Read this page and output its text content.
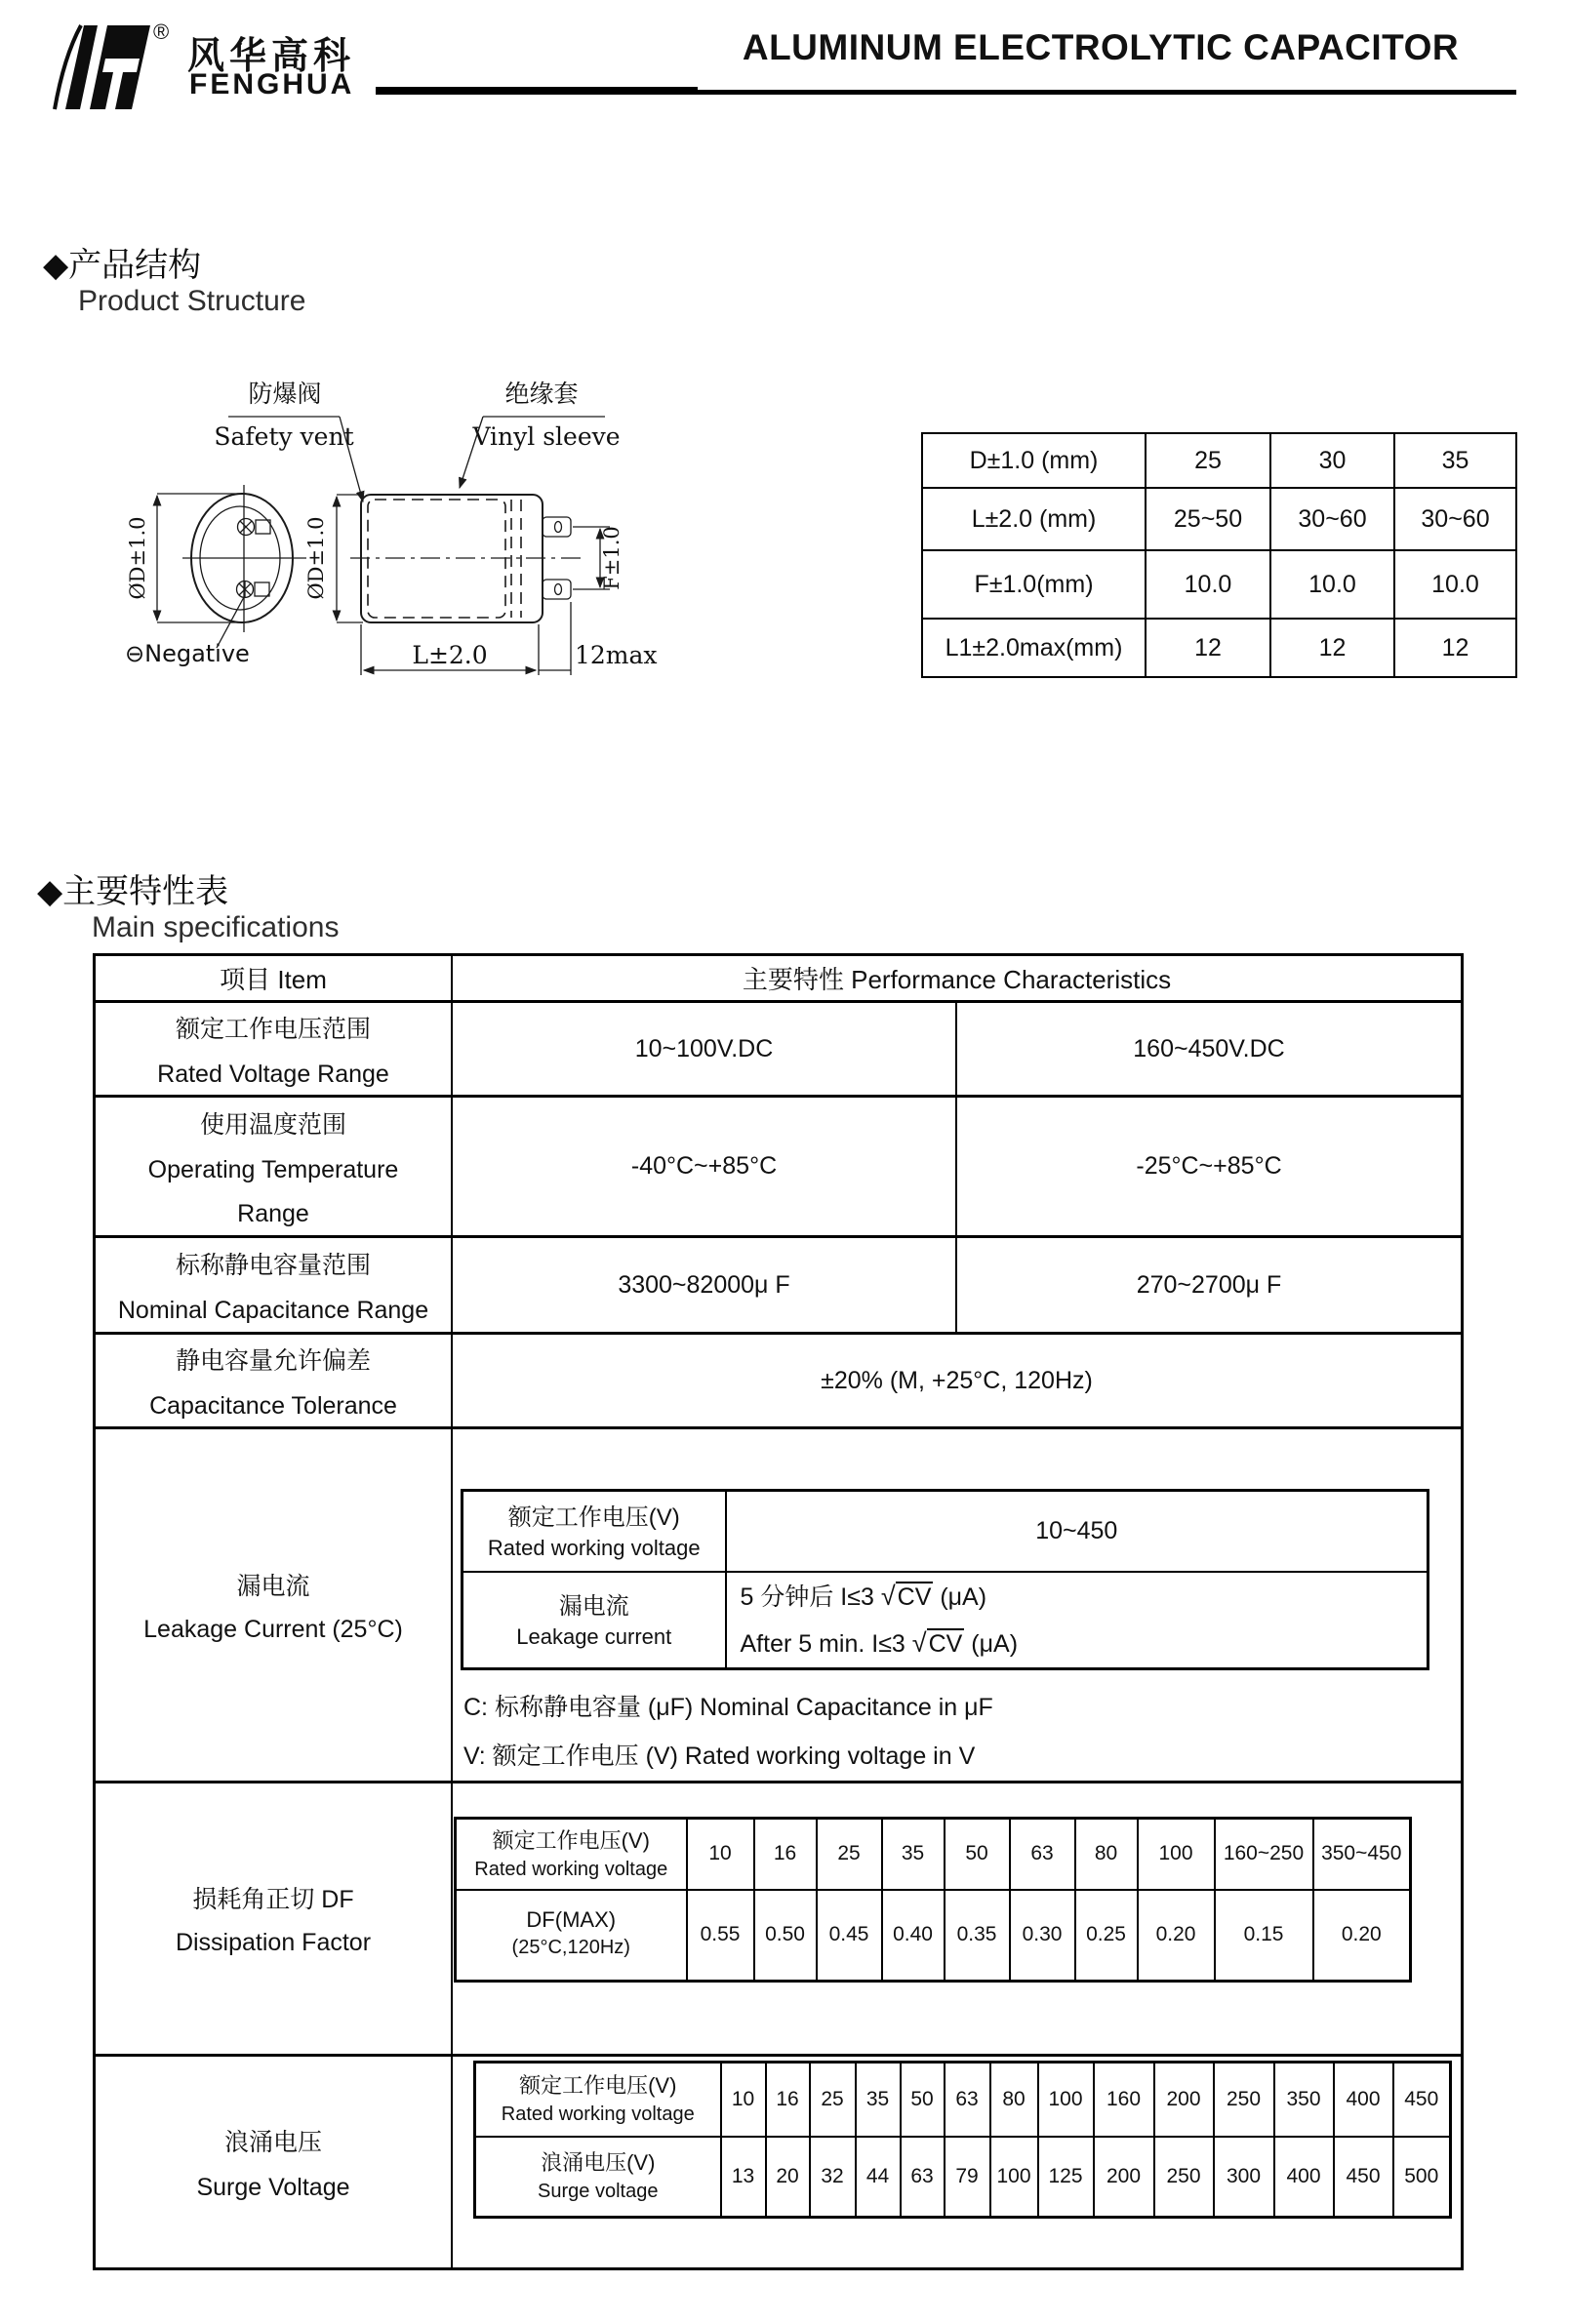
®
风华高科
FENGHUA
ALUMINUM ELECTROLYTIC CAPACITOR
◆产品结构
Product Structure
防爆阀
Safety vent
绝缘套
Vinyl sleeve
ØD±1.0
⊖Negative
ØD±1.0	F±1.0
L±2.0	12max
D±1.0 (mm)	25	30	35
L±2.0 (mm)	25~50	30~60	30~60
F±1.0(mm)	10.0	10.0	10.0
L1±2.0max(mm)	12	12	12
◆主要特性表
Main specifications
项目 Item	主要特性 Performance Characteristics
额定工作电压范围
Rated Voltage Range
10~100V.DC	160~450V.DC
使用温度范围
Operating Temperature
Range
-40°C~+85°C	-25°C~+85°C
标称静电容量范围
Nominal Capacitance Range
3300~82000μ F	270~2700μ F
静电容量允许偏差
Capacitance Tolerance
±20% (M, +25°C, 120Hz)
漏电流
Leakage Current (25°C)
额定工作电压(V)
Rated working voltage	10~450

漏电流
Leakage current

5 分钟后 I≤3 √CV (μA)
After 5 min. I≤3 √CV (μA)
C: 标称静电容量 (μF) Nominal Capacitance in μF
V: 额定工作电压 (V) Rated working voltage in V
损耗角正切 DF
Dissipation Factor
额定工作电压(V)
Rated working voltage	10	16	25	35	50	63	80	100	160~250	350~450

DF(MAX)
(25°C,120Hz)	0.55	0.50	0.45	0.40	0.35	0.30	0.25	0.20	0.15	0.20
浪涌电压
Surge Voltage
额定工作电压(V)
Rated working voltage	10	16	25	35	50	63	80	100	160	200	250	350	400	450

浪涌电压(V)
Surge voltage	13	20	32	44	63	79	100	125	200	250	300	400	450	500
